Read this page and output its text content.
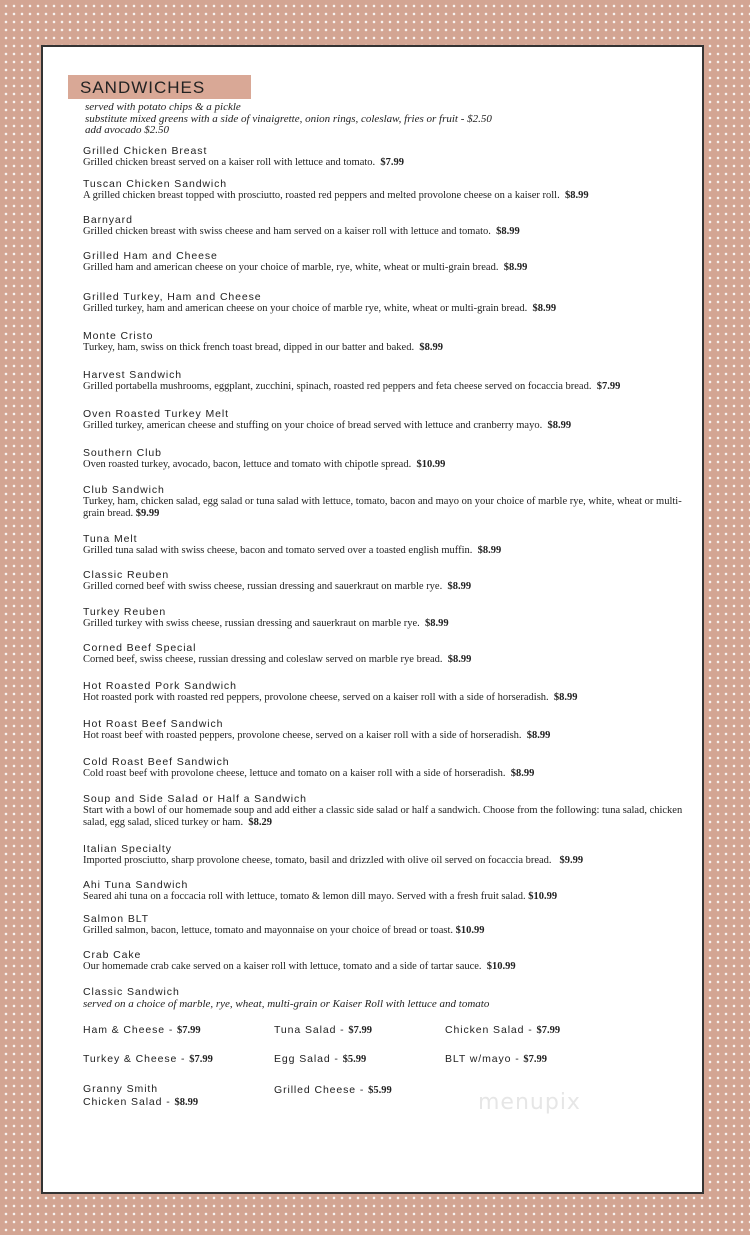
SANDWICHES
served with potato chips & a pickle
substitute mixed greens with a side of vinaigrette, onion rings, coleslaw, fries or fruit - $2.50
add avocado $2.50
Grilled Chicken Breast
Grilled chicken breast served on a kaiser roll with lettuce and tomato. $7.99
Tuscan Chicken Sandwich
A grilled chicken breast topped with prosciutto, roasted red peppers and melted provolone cheese on a kaiser roll. $8.99
Barnyard
Grilled chicken breast with swiss cheese and ham served on a kaiser roll with lettuce and tomato. $8.99
Grilled Ham and Cheese
Grilled ham and american cheese on your choice of marble, rye, white, wheat or multi-grain bread. $8.99
Grilled Turkey, Ham and Cheese
Grilled turkey, ham and american cheese on your choice of marble rye, white, wheat or multi-grain bread. $8.99
Monte Cristo
Turkey, ham, swiss on thick french toast bread, dipped in our batter and baked. $8.99
Harvest Sandwich
Grilled portabella mushrooms, eggplant, zucchini, spinach, roasted red peppers and feta cheese served on focaccia bread. $7.99
Oven Roasted Turkey Melt
Grilled turkey, american cheese and stuffing on your choice of bread served with lettuce and cranberry mayo. $8.99
Southern Club
Oven roasted turkey, avocado, bacon, lettuce and tomato with chipotle spread. $10.99
Club Sandwich
Turkey, ham, chicken salad, egg salad or tuna salad with lettuce, tomato, bacon and mayo on your choice of marble rye, white, wheat or multi-grain bread. $9.99
Tuna Melt
Grilled tuna salad with swiss cheese, bacon and tomato served over a toasted english muffin. $8.99
Classic Reuben
Grilled corned beef with swiss cheese, russian dressing and sauerkraut on marble rye. $8.99
Turkey Reuben
Grilled turkey with swiss cheese, russian dressing and sauerkraut on marble rye. $8.99
Corned Beef Special
Corned beef, swiss cheese, russian dressing and coleslaw served on marble rye bread. $8.99
Hot Roasted Pork Sandwich
Hot roasted pork with roasted red peppers, provolone cheese, served on a kaiser roll with a side of horseradish. $8.99
Hot Roast Beef Sandwich
Hot roast beef with roasted peppers, provolone cheese, served on a kaiser roll with a side of horseradish. $8.99
Cold Roast Beef Sandwich
Cold roast beef with provolone cheese, lettuce and tomato on a kaiser roll with a side of horseradish. $8.99
Soup and Side Salad or Half a Sandwich
Start with a bowl of our homemade soup and add either a classic side salad or half a sandwich. Choose from the following: tuna salad, chicken salad, egg salad, sliced turkey or ham. $8.29
Italian Specialty
Imported prosciutto, sharp provolone cheese, tomato, basil and drizzled with olive oil served on focaccia bread. $9.99
Ahi Tuna Sandwich
Seared ahi tuna on a foccacia roll with lettuce, tomato & lemon dill mayo. Served with a fresh fruit salad. $10.99
Salmon BLT
Grilled salmon, bacon, lettuce, tomato and mayonnaise on your choice of bread or toast. $10.99
Crab Cake
Our homemade crab cake served on a kaiser roll with lettuce, tomato and a side of tartar sauce. $10.99
Classic Sandwich
served on a choice of marble, rye, wheat, multi-grain or Kaiser Roll with lettuce and tomato
Ham & Cheese - $7.99	Tuna Salad - $7.99	Chicken Salad - $7.99
Turkey & Cheese - $7.99	Egg Salad - $5.99	BLT w/mayo - $7.99
Granny Smith
Chicken Salad - $8.99
Grilled Cheese - $5.99	menupix
